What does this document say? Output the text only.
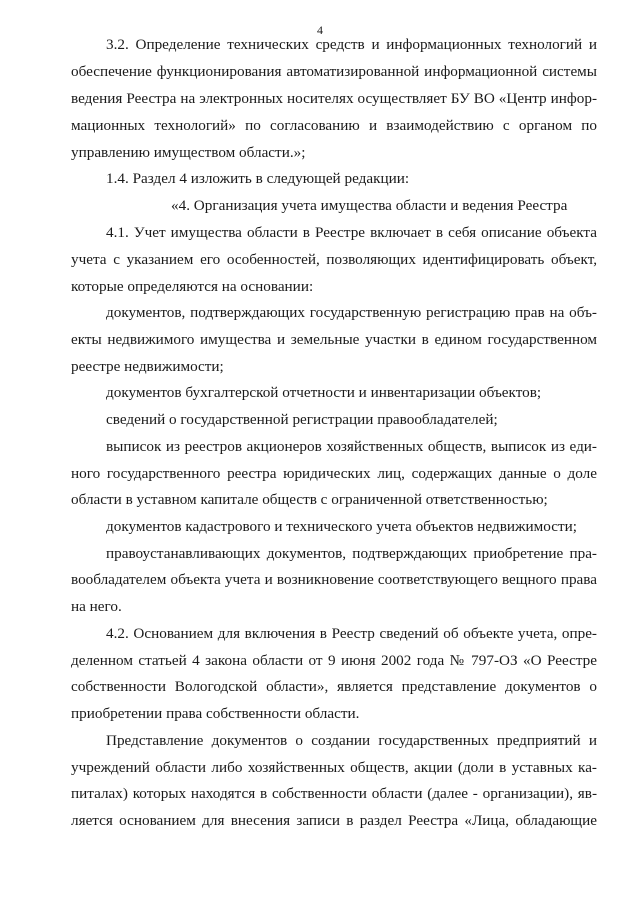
4
3.2. Определение технических средств и информационных технологий и
обеспечение функционирования автоматизированной информационной системы
ведения Реестра на электронных носителях осуществляет БУ ВО «Центр инфор-
мационных технологий» по согласованию и взаимодействию с органом по
управлению имуществом области.»;
1.4. Раздел 4 изложить в следующей редакции:
«4. Организация учета имущества области и ведения Реестра
4.1. Учет имущества области в Реестре включает в себя описание объекта
учета с указанием его особенностей, позволяющих идентифицировать объект,
которые определяются на основании:
документов, подтверждающих государственную регистрацию прав на объ-
екты недвижимого имущества и земельные участки в едином государственном
реестре недвижимости;
документов бухгалтерской отчетности и инвентаризации объектов;
сведений о государственной регистрации правообладателей;
выписок из реестров акционеров хозяйственных обществ, выписок из еди-
ного государственного реестра юридических лиц, содержащих данные о доле
области в уставном капитале обществ с ограниченной ответственностью;
документов кадастрового и технического учета объектов недвижимости;
правоустанавливающих документов, подтверждающих приобретение пра-
вообладателем объекта учета и возникновение соответствующего вещного права
на него.
4.2. Основанием для включения в Реестр сведений об объекте учета, опре-
деленном статьей 4 закона области от 9 июня 2002 года № 797-ОЗ «О Реестре
собственности Вологодской области», является представление документов о
приобретении права собственности области.
Представление документов о создании государственных предприятий и
учреждений области либо хозяйственных обществ, акции (доли в уставных ка-
питалах) которых находятся в собственности области (далее - организации), яв-
ляется основанием для внесения записи в раздел Реестра «Лица, обладающие
